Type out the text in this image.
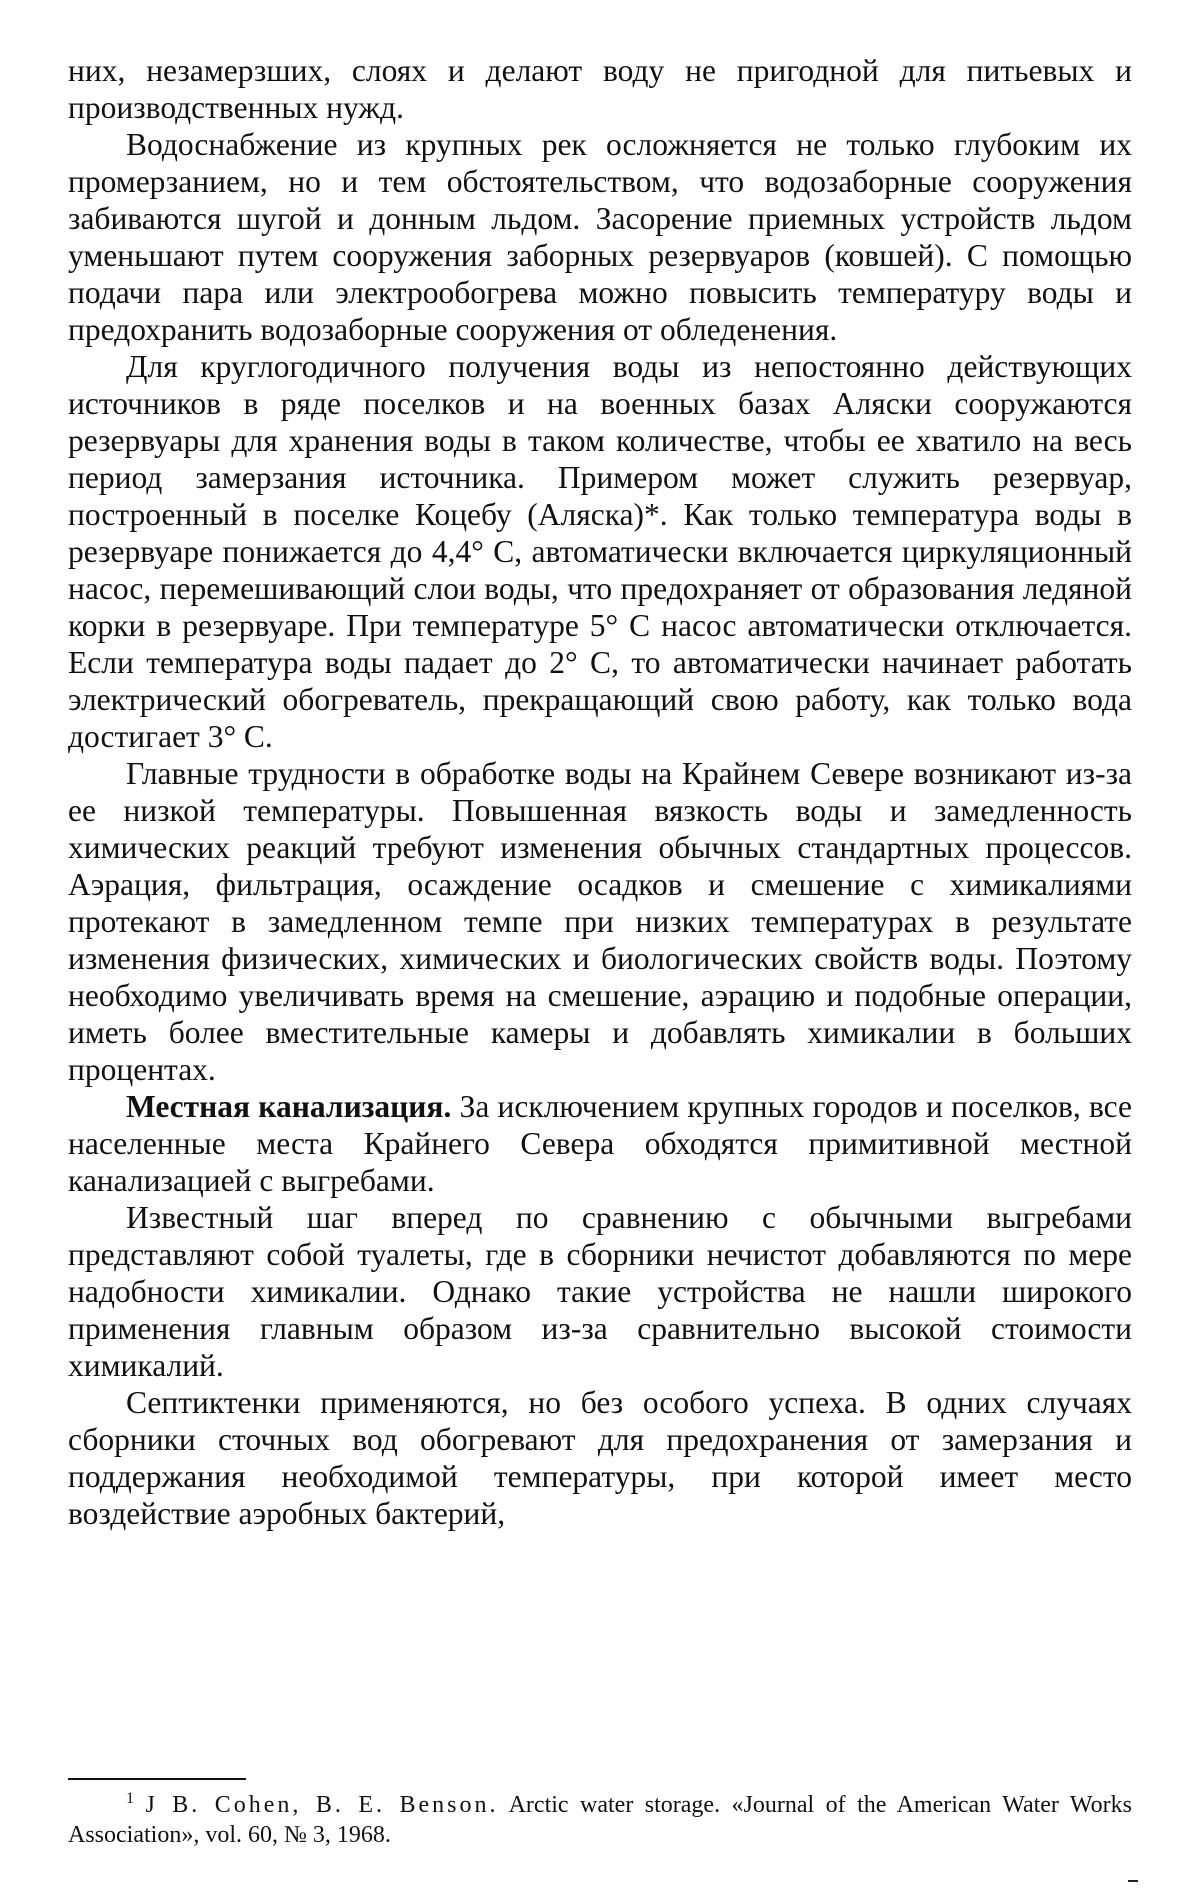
них, незамерзших, слоях и делают воду не пригодной для питьевых и производственных нужд.

Водоснабжение из крупных рек осложняется не только глубоким их промерзанием, но и тем обстоятельством, что водозаборные сооружения забиваются шугой и донным льдом. Засорение приемных устройств льдом уменьшают путем сооружения заборных резервуаров (ковшей). С помощью подачи пара или электрообогрева можно повысить температуру воды и предохранить водозаборные сооружения от обледенения.

Для круглогодичного получения воды из непостоянно действующих источников в ряде поселков и на военных базах Аляски сооружаются резервуары для хранения воды в таком количестве, чтобы ее хватило на весь период замерзания источника. Примером может служить резервуар, построенный в поселке Коцебу (Аляска)*. Как только температура воды в резервуаре понижается до 4,4° С, автоматически включается циркуляционный насос, перемешивающий слои воды, что предохраняет от образования ледяной корки в резервуаре. При температуре 5° С насос автоматически отключается. Если температура воды падает до 2° С, то автоматически начинает работать электрический обогреватель, прекращающий свою работу, как только вода достигает 3° С.

Главные трудности в обработке воды на Крайнем Севере возникают из-за ее низкой температуры. Повышенная вязкость воды и замедленность химических реакций требуют изменения обычных стандартных процессов. Аэрация, фильтрация, осаждение осадков и смешение с химикалиями протекают в замедленном темпе при низких температурах в результате изменения физических, химических и биологических свойств воды. Поэтому необходимо увеличивать время на смешение, аэрацию и подобные операции, иметь более вместительные камеры и добавлять химикалии в больших процентах.

Местная канализация. За исключением крупных городов и поселков, все населенные места Крайнего Севера обходятся примитивной местной канализацией с выгребами.

Известный шаг вперед по сравнению с обычными выгребами представляют собой туалеты, где в сборники нечистот добавляются по мере надобности химикалии. Однако такие устройства не нашли широкого применения главным образом из-за сравнительно высокой стоимости химикалий.

Септиктенки применяются, но без особого успеха. В одних случаях сборники сточных вод обогревают для предохранения от замерзания и поддержания необходимой температуры, при которой имеет место воздействие аэробных бактерий,

$^1$ J B. Cohen, B. E. Benson. Arctic water storage. «Journal of the American Water Works Association», vol. 60, № 3, 1968.
